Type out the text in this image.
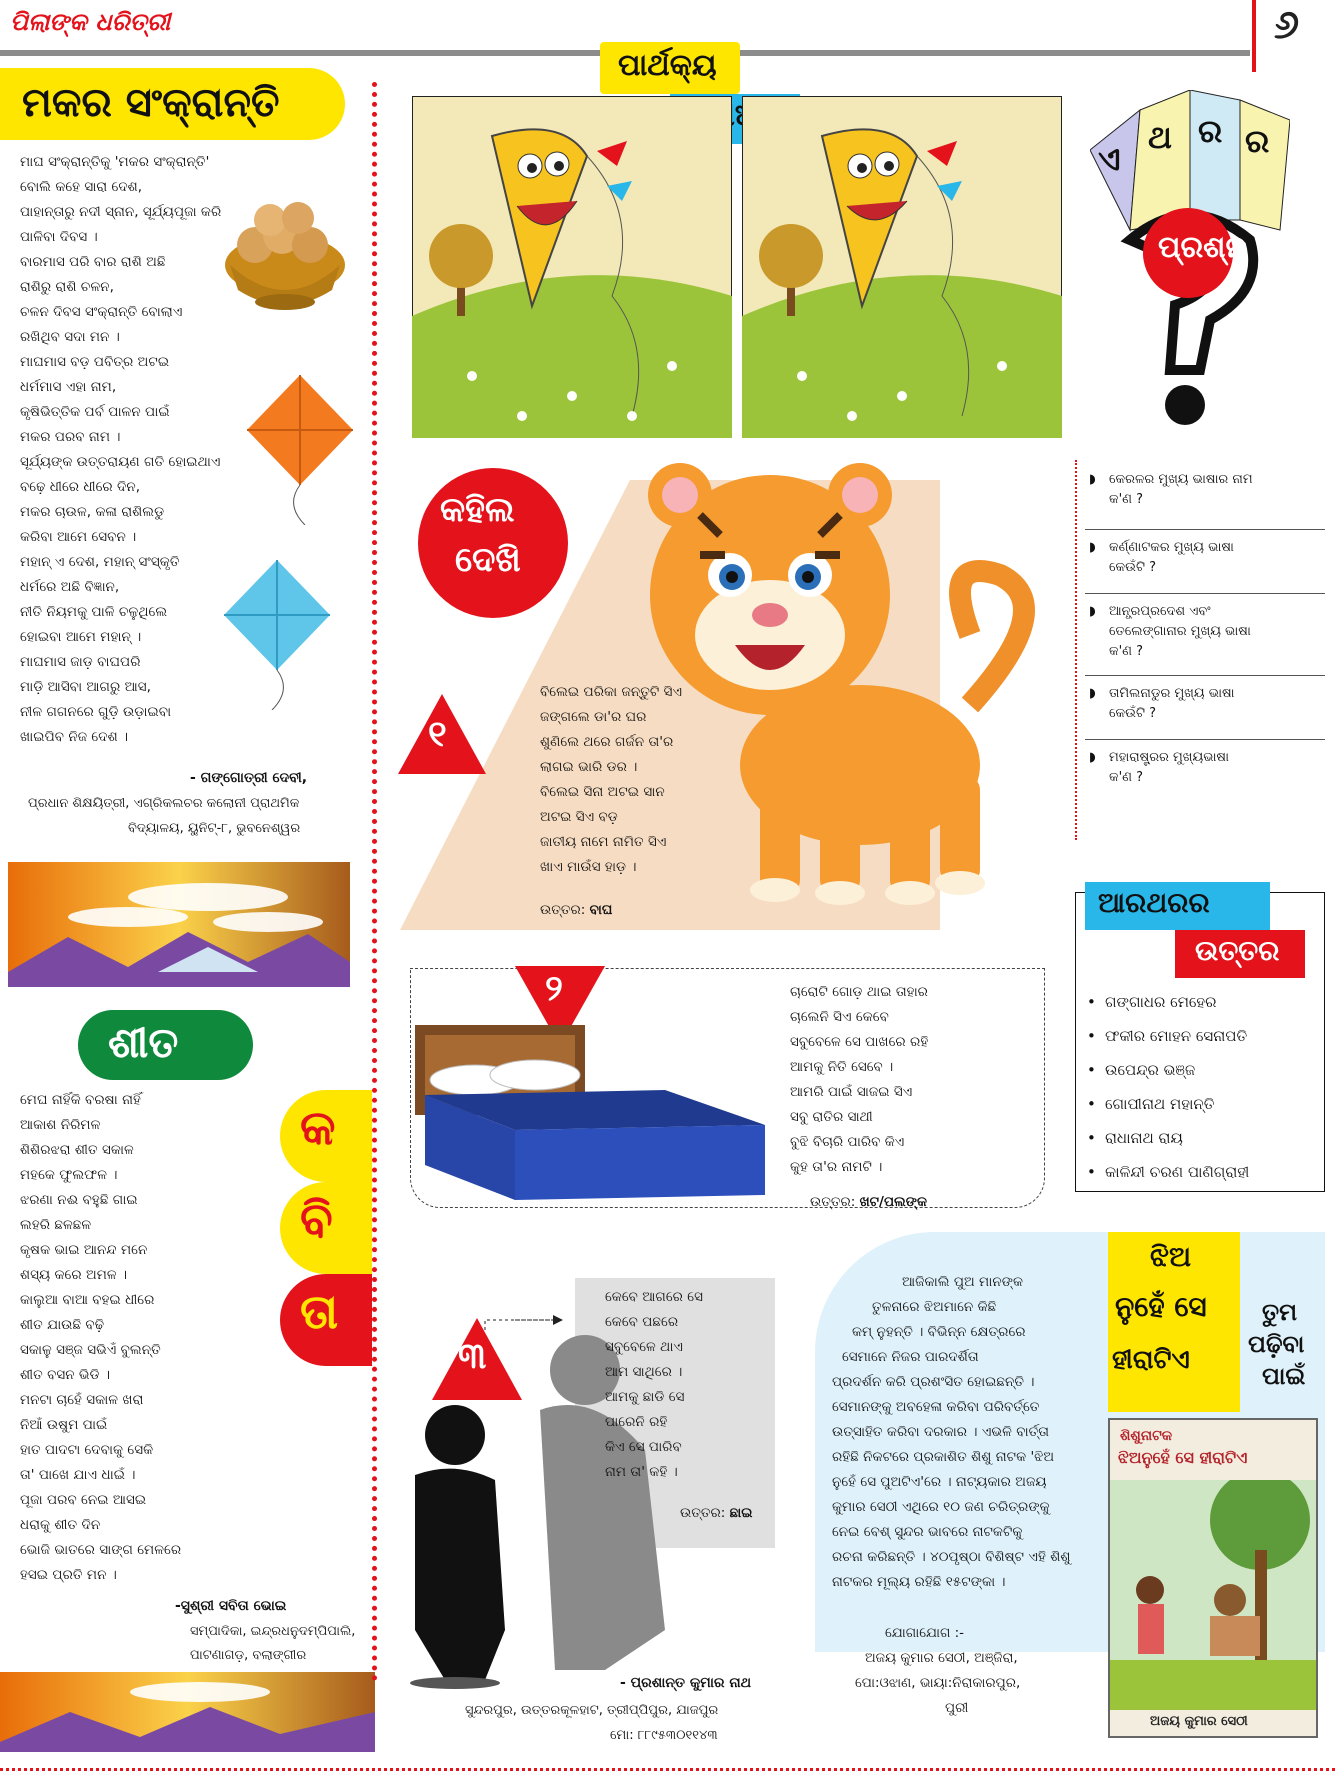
ପିଲାଙ୍କ ଧରିତ୍ରୀ	୬
ମକର ସଂକ୍ରାନ୍ତି

ମାଘ ସଂକ୍ରାନ୍ତିକୁ 'ମକର ସଂକ୍ରାନ୍ତି'

ବୋଲି କହେ ସାରା ଦେଶ,

ପାହାନ୍ତାରୁ ନଦୀ ସ୍ନାନ, ସୂର୍ଯ୍ୟପୂଜା କରି

ପାଳିବା ଦିବସ ।

ବାରମାସ ପରି ବାର ରାଶି ଅଛି

ରାଶିରୁ ରାଶି ଚଳନ,

ଚଳନ ଦିବସ ସଂକ୍ରାନ୍ତି ବୋଲାଏ

ରଖିଥିବ ସଦା ମନ ।

ମାଘମାସ ବଡ଼ ପବିତ୍ର ଅଟଇ

ଧର୍ମମାସ ଏହା ନାମ,

କୃଷିଭିତ୍ତିକ ପର୍ବ ପାଳନ ପାଇଁ

ମକର ପରବ ନାମ ।

ସୂର୍ଯ୍ୟଙ୍କ ଉତ୍ତରାୟଣ ଗତି ହୋଇଥାଏ

ବଢ଼େ ଧୀରେ ଧୀରେ ଦିନ,

ମକର ଚାଉଳ, କଳା ରାଶିଲଡୁ

କରିବା ଆମେ ସେବନ ।

ମହାନ୍ ଏ ଦେଶ, ମହାନ୍ ସଂସ୍କୃତି

ଧର୍ମରେ ଅଛି ବିଜ୍ଞାନ,

ନୀତି ନିୟମକୁ ପାଳି ଚଳୁଥିଲେ

ହୋଇବା ଆମେ ମହାନ୍ ।

ମାଘମାସ ଜାଡ଼ ବାଘପରି

ମାଡ଼ି ଆସିବା ଆଗରୁ ଆସ,

ନୀଳ ଗଗନରେ ଗୁଡ଼ି ଉଡ଼ାଇବା

ଖାଇପିବ ନିଜ ଦେଶ ।

- ଗଙ୍ଗୋତ୍ରୀ ଦେବୀ,
ପ୍ରଧାନ ଶିକ୍ଷୟିତ୍ରୀ, ଏଗ୍ରିକଲଚର କଲୋନୀ ପ୍ରାଥମିକ
ବିଦ୍ୟାଳୟ, ୟୁନିଟ୍-୮, ଭୁବନେଶ୍ୱର
ଶୀତ

ମେଘ ନାହିଁକି ବରଷା ନାହିଁ

ଆକାଶ ନିରିମଳ

ଶିଶିରଝରା ଶୀତ ସକାଳ

ମହକେ ଫୁଲଫଳ ।

ଝରଣା ନଈ ବହୁଛି ଗାଇ

ଲହରି ଛଳଛଳ

କୃଷକ ଭାଇ ଆନନ୍ଦ ମନେ

ଶସ୍ୟ କରେ ଅମଳ ।

କାଲୁଆ ବାଆ ବହଇ ଧୀରେ

ଶୀତ ଯାଉଛି ବଢ଼ି

ସକାଳୁ ସଞ୍ଜ ସଭିଏଁ ବୁଲନ୍ତି

ଶୀତ ବସନ ଭିଡି ।

ମନଟା ଚାହେଁ ସକାଳ ଖରା

ନିଆଁ ଉଷୁମ ପାଇଁ

ହାତ ପାଦଟା ଦେବାକୁ ସେକି

ତା' ପାଖେ ଯାଏ ଧାଇଁ ।

ପୂଜା ପରବ ନେଇ ଆସଇ

ଧରାକୁ ଶୀତ ଦିନ

ଭୋଜି ଭାତରେ ସାଙ୍ଗ ମେଳରେ

ହସଇ ପ୍ରତି ମନ ।

-ସୁଶ୍ରୀ ସବିତା ଭୋଇ
ସମ୍ପାଦିକା, ଇନ୍ଦ୍ରଧନୁଦମ୍ପିପାଲି,
ପାଟଣାଗଡ଼, ବଲାଙ୍ଗୀର
କ
ବି
ତା
ପାର୍ଥକ୍ୟ
କହିଲ
ଦେଖି
୧

ବିଲେଇ ପରିକା ଜନ୍ତୁଟି ସିଏ

ଜଙ୍ଗଲେ ଡା'ର ଘର

ଶୁଣିଲେ ଥରେ ଗର୍ଜନ ତା'ର

ଲାଗଇ ଭାରି ଡର ।

ବିଲେଇ ସିନା ଅଟଇ ସାନ

ଅଟଇ ସିଏ ବଡ଼

ଜାତୀୟ ନାମେ ନାମିତ ସିଏ

ଖାଏ ମାଉଁସ ହାଡ଼ ।

ଉତ୍ତର: ବାଘ
୨	ଚାରୋଟି ଗୋଡ଼ ଥାଇ ତାହାର

ଚାଲେନି ସିଏ କେବେ

ସବୁବେଳେ ସେ ପାଖରେ ରହି

ଆମକୁ ନିତି ସେବେ ।

ଆମରି ପାଇଁ ସାଜଇ ସିଏ

ସବୁ ରାତିର ସାଥୀ

ବୁଝି ବିଚାରି ପାରିବ କିଏ

କୁହ ତା'ର ନାମଟି ।

ଉତ୍ତର: ଖଟ/ପଲଙ୍କ
୩

କେବେ ଆଗରେ ସେ

କେବେ ପଛରେ

ସବୁବେଳେ ଥାଏ

ଆମ ସାଥିରେ ।

ଆମକୁ ଛାଡି ସେ

ପାରେନି ରହି

କିଏ ସେ ପାରିବ

ନାମ ତା' କହି ।

ଉତ୍ତର: ଛାଇ
- ପ୍ରଶାନ୍ତ କୁମାର ନାଥ
ସୁନ୍ଦରପୁର, ଉତ୍ତରକୂଳହାଟ, ତ୍ରୀପ୍ପିପୁର, ଯାଜପୁର
ମୋ: ୮୮୯୫୩୦୧୧୪୩
ଏ
ଥ ର ର
ପ୍ରଶ୍ନ
◗ କେରଳର ମୁଖ୍ୟ ଭାଷାର ନାମ
କ'ଣ ?
◗ କର୍ଣ୍ଣାଟକର ମୁଖ୍ୟ ଭାଷା
କେଉଁଟି ?
◗ ଆନ୍ଧ୍ରପ୍ରଦେଶ ଏବଂ
ତେଲେଙ୍ଗାନାର ମୁଖ୍ୟ ଭାଷା
କ'ଣ ?
◗ ତାମିଲନାଡୁର ମୁଖ୍ୟ ଭାଷା
କେଉଁଟି ?
◗ ମହାରାଷ୍ଟ୍ରର ମୁଖ୍ୟଭାଷା
କ'ଣ ?
ଆରଥରର
ଉତ୍ତର
• ଗଙ୍ଗାଧର ମେହେର
• ଫକୀର ମୋହନ ସେନାପତି
• ଉପେନ୍ଦ୍ର ଭଞ୍ଜ
• ଗୋପୀନାଥ ମହାନ୍ତି
• ରାଧାନାଥ ରାୟ
• କାଳିନ୍ଦୀ ଚରଣ ପାଣିଗ୍ରାହୀ
ଝିଅ
ନୁହେଁ ସେ
ହୀରାଟିଏ
ତୁମ
ପଢ଼ିବା
ପାଇଁ
ଶିଶୁନାଟକ
ଝିଅନୁହେଁ ସେ ହୀରାଟିଏ
ଅଜୟ କୁମାର ସେଠୀ

ଆଜିକାଲି ପୁଅ ମାନଙ୍କ

ତୁଳନାରେ ଝିଅମାନେ କିଛି

କମ୍ ନୁହନ୍ତି । ବିଭିନ୍ନ କ୍ଷେତ୍ରରେ

ସେମାନେ ନିଜର ପାରଦର୍ଶିତା

ପ୍ରଦର୍ଶନ କରି ପ୍ରଶଂସିତ ହୋଇଛନ୍ତି ।

ସେମାନଙ୍କୁ ଅବହେଳା କରିବା ପରିବର୍ତ୍ତେ

ଉତ୍ସାହିତ କରିବା ଦରକାର । ଏଭଳି ବାର୍ତ୍ତା

ରହିଛି ନିକଟରେ ପ୍ରକାଶିତ ଶିଶୁ ନାଟକ 'ଝିଅ

ନୁହେଁ ସେ ପୁଅଟିଏ'ରେ । ନାଟ୍ୟକାର ଅଜୟ

କୁମାର ସେଠୀ ଏଥିରେ ୧୦ ଜଣ ଚରିତ୍ରଙ୍କୁ

ନେଇ ବେଶ୍ ସୁନ୍ଦର ଭାବରେ ନାଟକଟିକୁ

ରଚନା କରିଛନ୍ତି । ୪୦ପୃଷ୍ଠା ବିଶିଷ୍ଟ ଏହି ଶିଶୁ

ନାଟକର ମୂଲ୍ୟ ରହିଛି ୧୫ଟଙ୍କା ।

ଯୋଗାଯୋଗ :-
ଅଜୟ କୁମାର ସେଠୀ, ଅଞ୍ଜିରା,
ପୋ:ଓଝାଣ, ଭାୟା:ନିରାକାରପୁର,
ପୁରୀ
